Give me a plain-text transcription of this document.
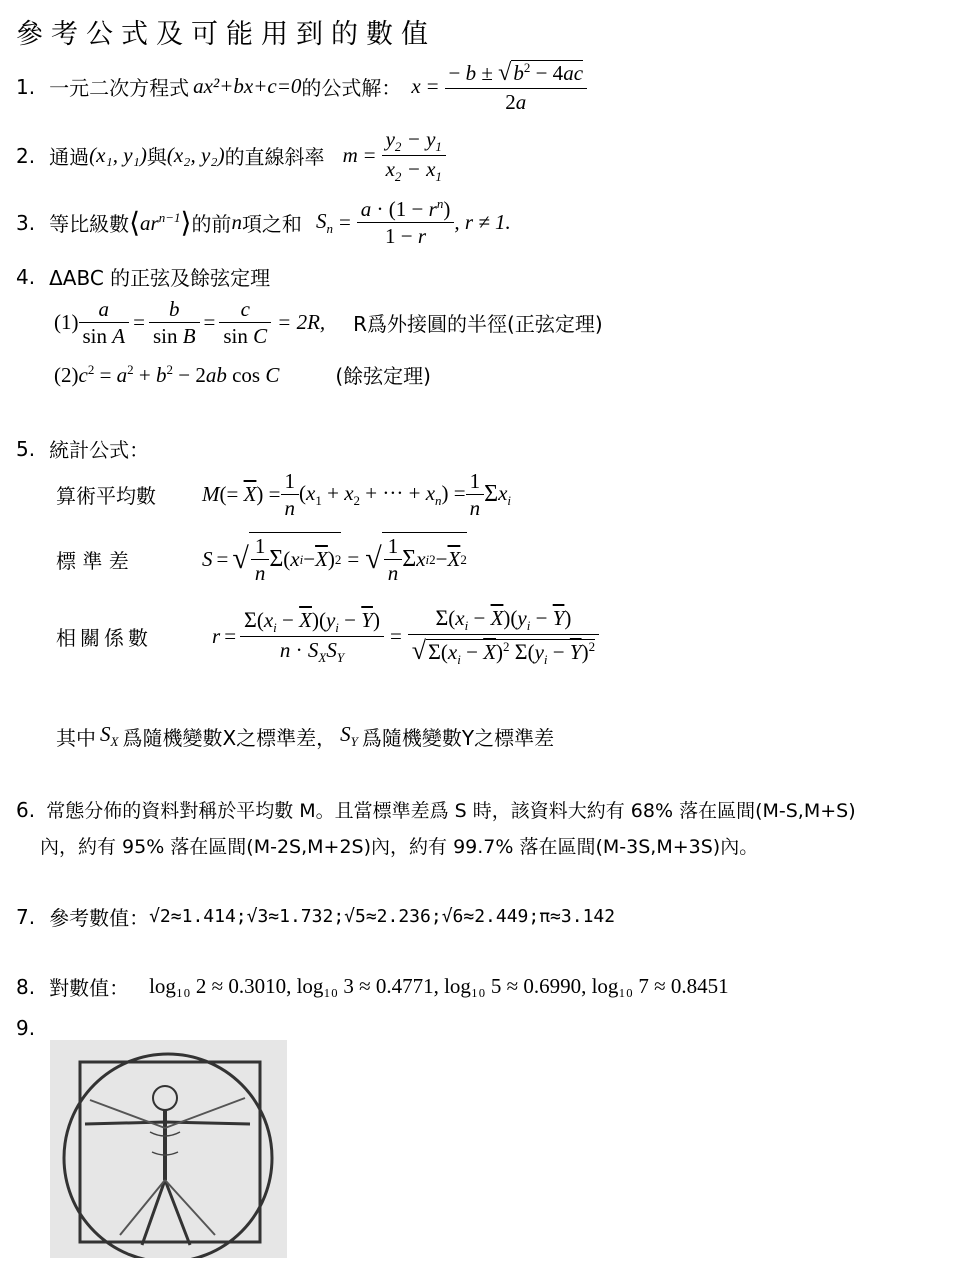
參考公式及可能用到的數值
1. 一元二次方程式 ax²+bx+c=0 的公式解： $x = \frac{- b \pm √b^2 - 4ac}{2a}$
2. 通過 (x₁, y₁) 與 (x₂, y₂) 的直線斜率 $m = \frac{y_2 - y_1}{x_2 - x_1}$
3. 等比級數 ⟨ $ar^{n-1}$ ⟩ 的前 n 項之和 $S_n = \frac{a \cdot (1 - r^n)}{1 - r}$ , r ≠ 1.
4. ΔABC 的正弦及餘弦定理
$(1) \frac{a}{\text{sin A}} = \frac{b}{\text{sin B}} = \frac{c}{\text{sin C}} = 2R$, R爲外接圓的半徑(正弦定理)
$(2)c^2 = a^2 + b^2 - 2ab$ cos C	(餘弦定理)
5. 統計公式：
算術平均數	$M(= \overline{X}) = \frac{1}{n} (x_1 + x_2$ + ··· + $x_n) = \frac{1}{n}$ Σ $x_i$
標 準 差	S = √ $\frac{1}{n}$ Σ ( x $i - \overline{X}$ ) 2 = √ $\frac{1}{n}$ Σ x i $2 - \overline{X}$ 2
相關係數	$r = \frac{\Sigma(x_i - \overline{X})(y_i - \overline{Y})}{n \cdot S_XS_Y} = \frac{\Sigma(x_i - \overline{X})(y_i - \overline{Y})}{√\Sigma(x_i - \overline{X})^2 \Sigma(y_i - \overline{Y})^2}$
其中 $S_X$ 爲隨機變數X之標準差， $S_Y$ 爲隨機變數Y之標準差
6. 常態分佈的資料對稱於平均數 M。且當標準差爲 S 時，該資料大約有 68% 落在區間(M-S,M+S)
內，約有 95% 落在區間(M-2S,M+2S)內，約有 99.7% 落在區間(M-3S,M+3S)內。
7. 參考數值： √2≈1.414;√3≈1.732;√5≈2.236;√6≈2.449;π≈3.142
8. 對數值： log₁₀ 2 ≈ 0.3010, log₁₀ 3 ≈ 0.4771, log₁₀ 5 ≈ 0.6990, log₁₀ 7 ≈ 0.8451
9.
